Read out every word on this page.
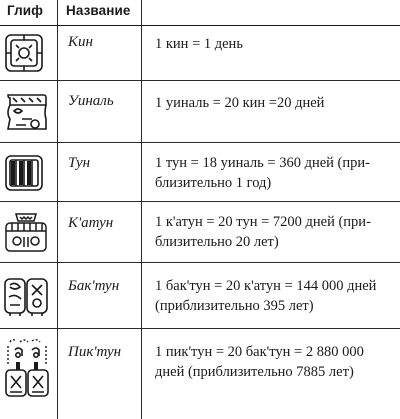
Глиф Название
Кин	1 кин = 1 день
Уиналь	1 уиналь = 20 кин =20 дней
Тун	1 тун = 18 уиналь = 360 дней (при-
близительно 1 год)
К'атун	1 к'атун = 20 тун = 7200 дней (при-
близительно 20 лет)
Бак'тун 1 бак'тун = 20 к'атун = 144 000 дней
(приблизительно 395 лет)
Пик'тун 1 пик'тун = 20 бак'тун = 2 880 000
дней (приблизительно 7885 лет)
